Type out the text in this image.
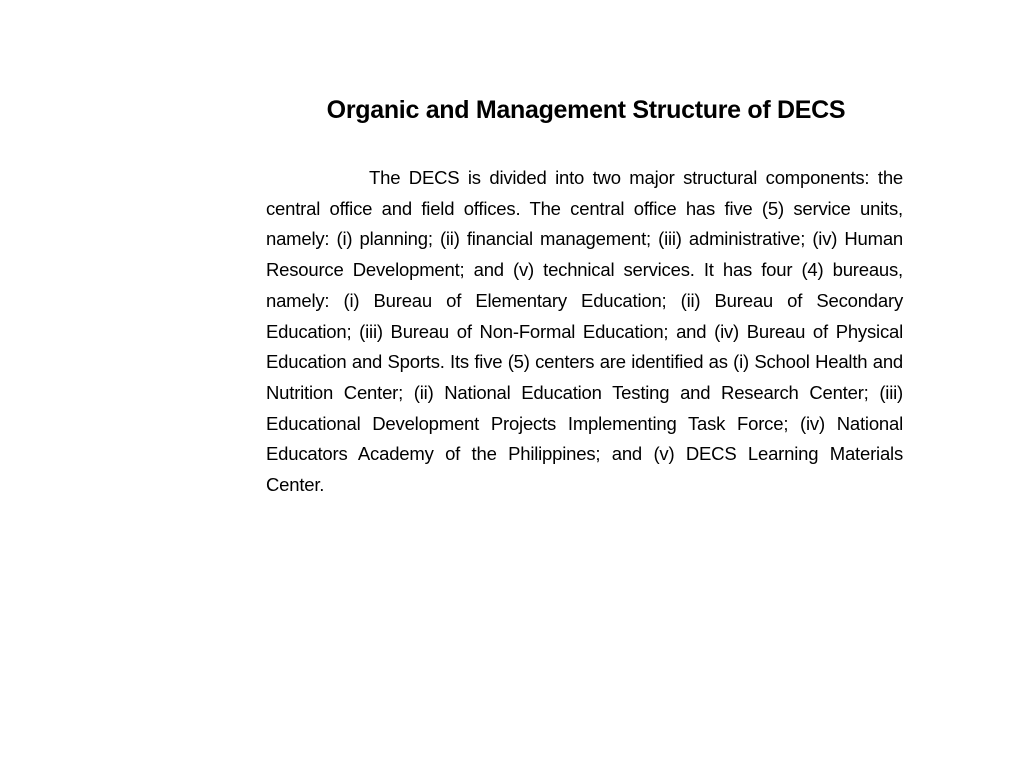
Organic and Management Structure of DECS

The DECS is divided into two major structural components: the central office and field offices. The central office has five (5) service units, namely: (i) planning; (ii) financial management; (iii) administrative; (iv) Human Resource Development; and (v) technical services. It has four (4) bureaus, namely: (i) Bureau of Elementary Education; (ii) Bureau of Secondary Education; (iii) Bureau of Non-Formal Education; and (iv) Bureau of Physical Education and Sports. Its five (5) centers are identified as (i) School Health and Nutrition Center; (ii) National Education Testing and Research Center; (iii) Educational Development Projects Implementing Task Force; (iv) National Educators Academy of the Philippines; and (v) DECS Learning Materials Center.
